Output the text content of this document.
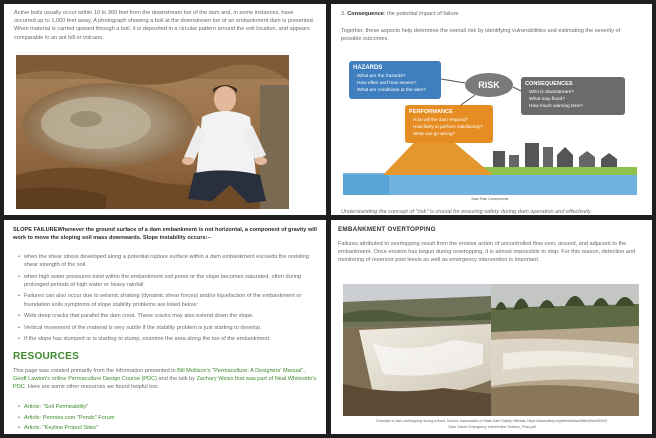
Active boils usually occur within 10 to 300 feet from the downstream toe of the dam and, in some instances, have occurred up to 1,000 feet away. A photograph showing a boil at the downstream toe of an embankment dam is presented. When material is carried upward through a boil, it is deposited in a circular pattern around the exit location, and appears comparable to an ant hill or volcano.

3. Consequence: the potential impact of failure

Together, these aspects help determine the overall risk by identifying vulnerabilities and estimating the severity of possible outcomes.

HAZARDS
What are the hazards?
How often and how severe?
What are conditions at the dam?
RISK	CONSEQUENCES
Who is downstream?
What may flood?
How much warning time?
PERFORMANCE
How will the dam respond?
How likely to perform satisfactory?
What can go wrong?
Dam Risk Components

Understanding the concept of "risk" is crucial for ensuring safety during dam operation and effectively

SLOPE FAILUREWhenever the ground surface of a dam embankment is not horizontal, a component of gravity will work to move the sloping soil mass downwards. Slope instability occurs:–

• when the shear stress developed along a potential rupture surface within a dam embankment exceeds the resisting shear strength of the soil.
• when high water pressures exist within the embankment soil pores or the slope becomes saturated, often during prolonged periods of high water or heavy rainfall.
• Failures can also occur due to seismic shaking (dynamic shear forces) and/or liquefaction of the embankment or foundation soils symptoms of slope stability problems are listed below:
• Wide deep cracks that parallel the dam crest. These cracks may also extend down the slope.
• Vertical movement of the material is very subtle if the stability problem is just starting to develop.
• If the slope has slumped or is starting to slump, examine the area along the toe of the embankment.
RESOURCES

This page was created primarily from the information presented in Bill Mollison's "Permaculture: A Designers' Manual", Geoff Lawton's online Permaculture Design Course (PDC) and the talk by Zachary Weiss that was part of Neal Whiteside's PDC. Here are some other resources we found helpful too:

• Article: "Soil Permeability"
• Article: Permies.com "Ponds" Forum
• Article: "Keyline Project Sites"
EMBANKMENT OVERTOPPING

Failures attributed to overtopping result from the erosive action of uncontrolled flow over, around, and adjacent to the embankment. Once erosion has begun during overtopping, it is almost impossible to stop. For this reason, detection and monitoring of reservoir pool levels as well as emergency intervention is important.

Example of dam overtopping during a flood. Source: Association of State Dam Safety Officials, https://damsafety.org/sites/default/files/files/MOHC
Dam Owner Emergency Intervention Toolbox_Final.pdf
